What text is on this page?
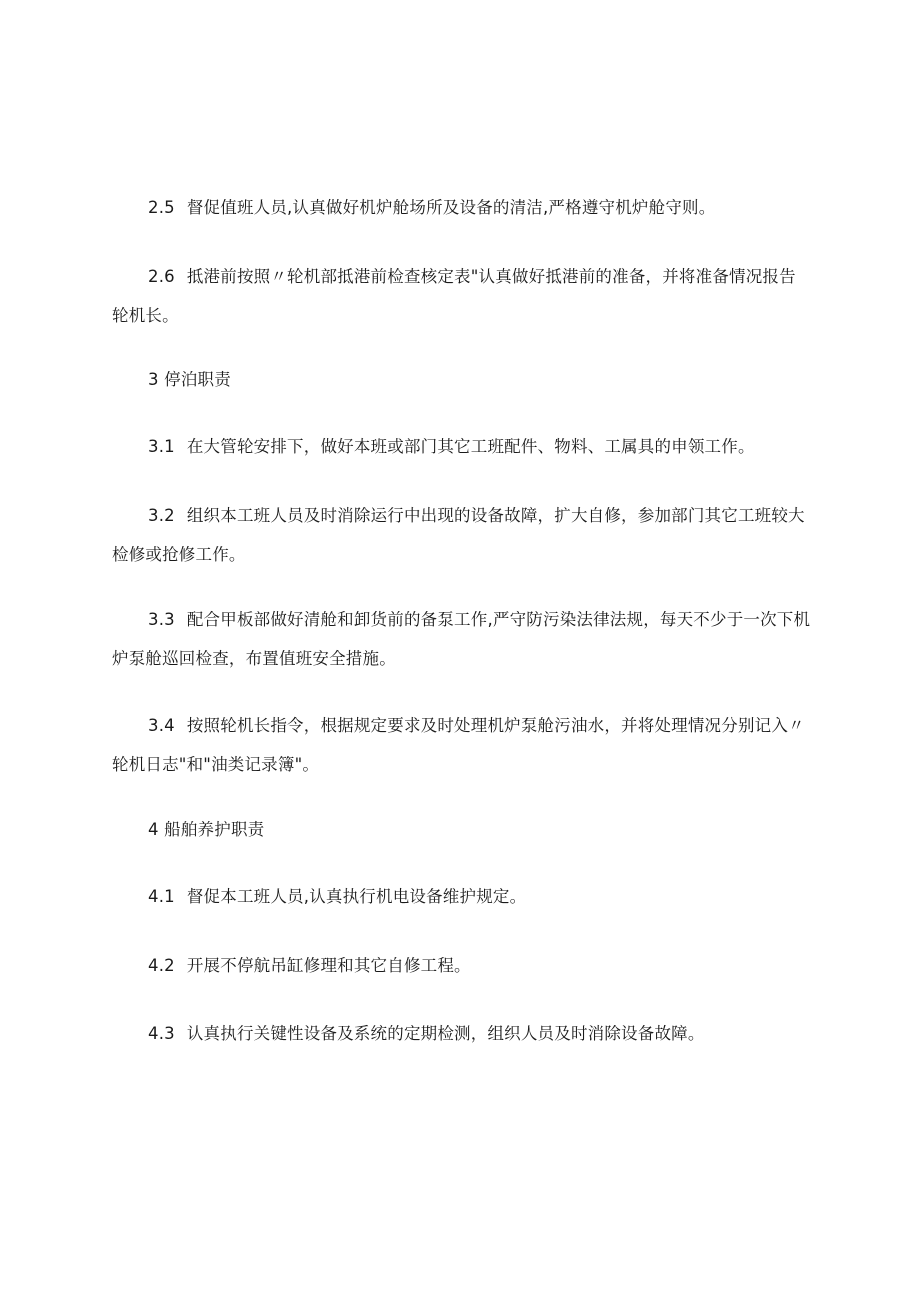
2.5 督促值班人员,认真做好机炉舱场所及设备的清洁,严格遵守机炉舱守则。
2.6 抵港前按照〃轮机部抵港前检查核定表"认真做好抵港前的准备，并将准备情况报告轮机长。
3 停泊职责
3.1 在大管轮安排下，做好本班或部门其它工班配件、物料、工属具的申领工作。
3.2 组织本工班人员及时消除运行中出现的设备故障，扩大自修，参加部门其它工班较大检修或抢修工作。
3.3 配合甲板部做好清舱和卸货前的备泵工作,严守防污染法律法规，每天不少于一次下机炉泵舱巡回检查，布置值班安全措施。
3.4 按照轮机长指令，根据规定要求及时处理机炉泵舱污油水，并将处理情况分别记入〃轮机日志"和"油类记录簿"。
4 船舶养护职责
4.1 督促本工班人员,认真执行机电设备维护规定。
4.2 开展不停航吊缸修理和其它自修工程。
4.3 认真执行关键性设备及系统的定期检测，组织人员及时消除设备故障。
